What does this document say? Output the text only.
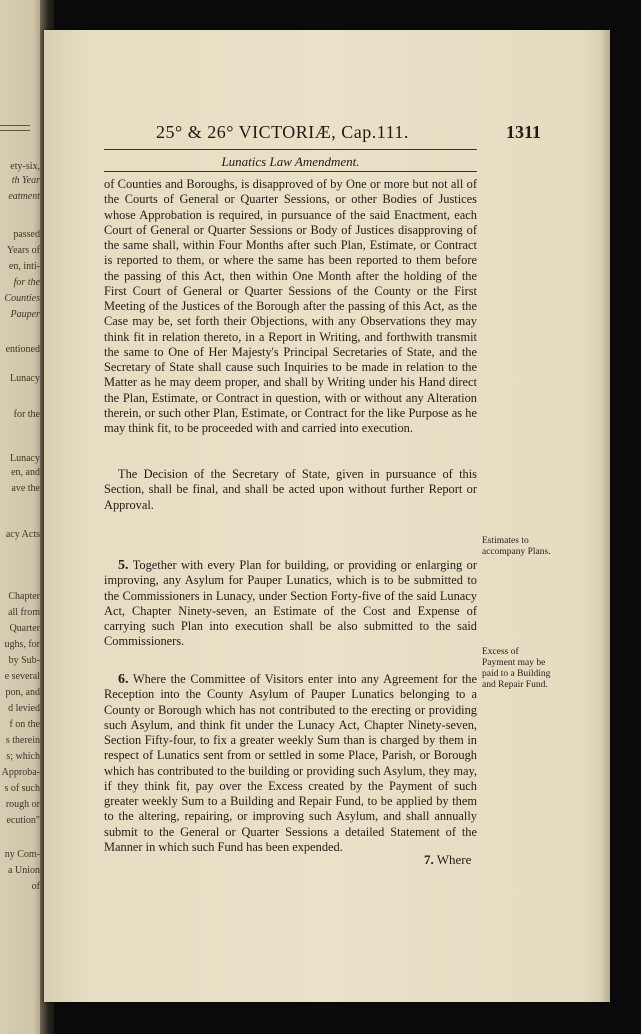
ety-six,
th Year
eatment
passed
Years of
en, inti-
for the
Counties
Pauper
entioned
Lunacy
for the
Lunacy
en, and
ave the
acy Acts
Chapter
all from
Quarter
ughs, for
by Sub-
e several
pon, and
d levied
f on the
s therein
s; which
Approba-
s of such
rough or
ecution"
ny Com-
a Union
of
25° & 26° VICTORIÆ, Cap.111.	1311
Lunatics Law Amendment.

of Counties and Boroughs, is disapproved of by One or more but not all of the Courts of General or Quarter Sessions, or other Bodies of Justices whose Approbation is required, in pursuance of the said Enactment, each Court of General or Quarter Sessions or Body of Justices disapproving of the same shall, within Four Months after such Plan, Estimate, or Contract is reported to them, or where the same has been reported to them before the passing of this Act, then within One Month after the holding of the First Court of General or Quarter Sessions of the County or the First Meeting of the Justices of the Borough after the passing of this Act, as the Case may be, set forth their Objections, with any Observations they may think fit in relation thereto, in a Report in Writing, and forthwith transmit the same to One of Her Majesty's Principal Secretaries of State, and the Secretary of State shall cause such Inquiries to be made in relation to the Matter as he may deem proper, and shall by Writing under his Hand direct the Plan, Estimate, or Contract in question, with or without any Alteration therein, or such other Plan, Estimate, or Contract for the like Purpose as he may think fit, to be proceeded with and carried into execution.

The Decision of the Secretary of State, given in pursuance of this Section, shall be final, and shall be acted upon without further Report or Approval.

5. Together with every Plan for building, or providing or enlarging or improving, any Asylum for Pauper Lunatics, which is to be submitted to the Commissioners in Lunacy, under Section Forty-five of the said Lunacy Act, Chapter Ninety-seven, an Estimate of the Cost and Expense of carrying such Plan into execution shall be also submitted to the said Commissioners.

6. Where the Committee of Visitors enter into any Agreement for the Reception into the County Asylum of Pauper Lunatics belonging to a County or Borough which has not contributed to the erecting or providing such Asylum, and think fit under the Lunacy Act, Chapter Ninety-seven, Section Fifty-four, to fix a greater weekly Sum than is charged by them in respect of Lunatics sent from or settled in some Place, Parish, or Borough which has contributed to the building or providing such Asylum, they may, if they think fit, pay over the Excess created by the Payment of such greater weekly Sum to a Building and Repair Fund, to be applied by them to the altering, repairing, or improving such Asylum, and shall annually submit to the General or Quarter Sessions a detailed Statement of the Manner in which such Fund has been expended.

Estimates to accompany Plans.
Excess of Payment may be paid to a Building and Repair Fund.
7. Where
